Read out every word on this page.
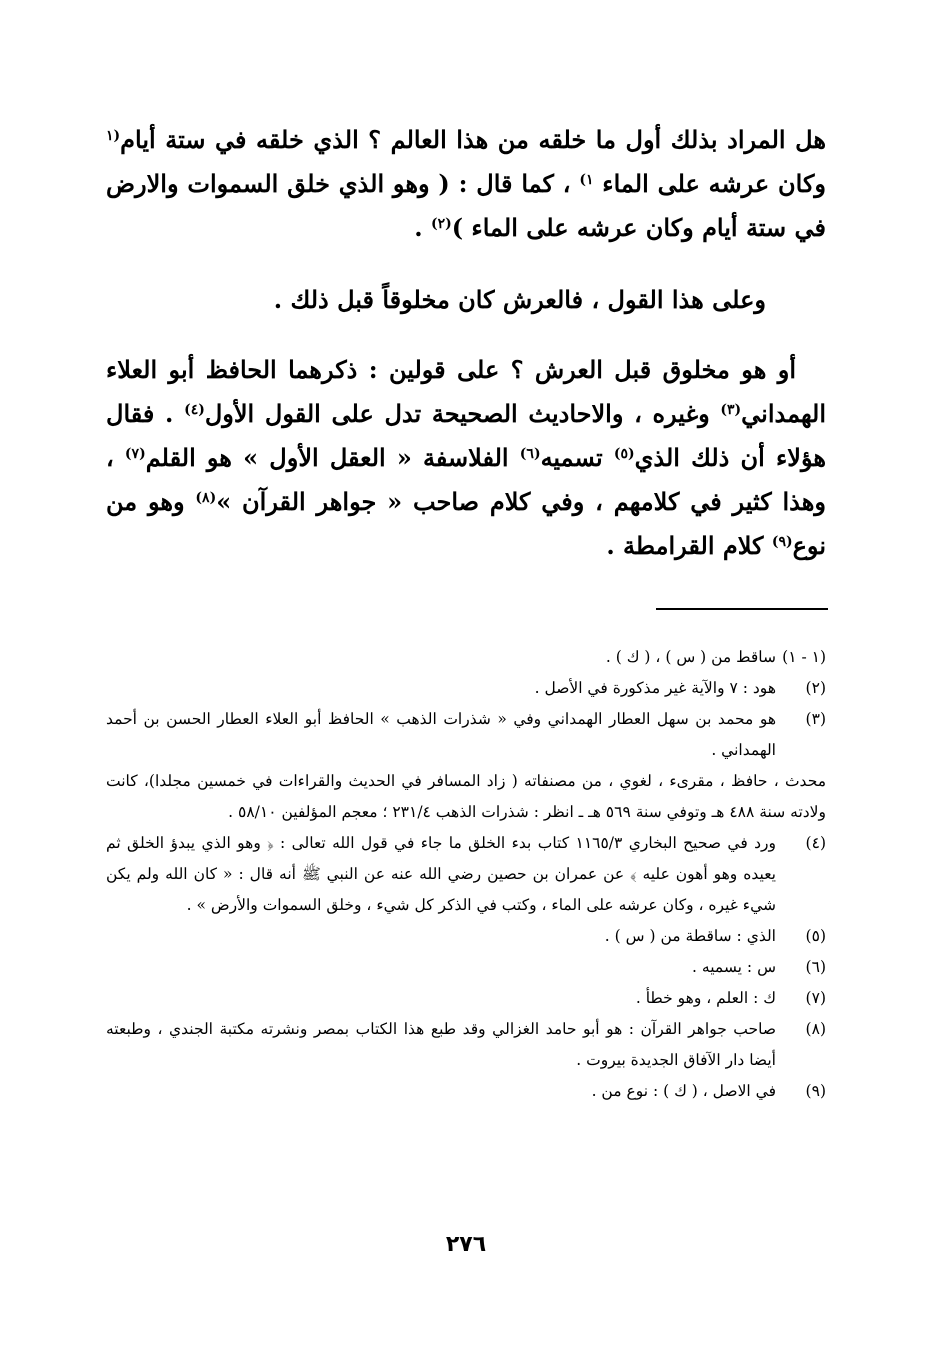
هل المراد بذلك أول ما خلقه من هذا العالم ؟ الذي خلقه في ستة أيام$^{(١}$ وكان عرشه على الماء $^{١)}$ ، كما قال : ( وهو الذي خلق السموات والارض في ستة أيام وكان عرشه على الماء )$^{(٢)}$ .

وعلى هذا القول ، فالعرش كان مخلوقاً قبل ذلك .

أو هو مخلوق قبل العرش ؟ على قولين : ذكرهما الحافظ أبو العلاء الهمداني$^{(٣)}$ وغيره ، والاحاديث الصحيحة تدل على القول الأول$^{(٤)}$ . فقال هؤلاء أن ذلك الذي$^{(٥)}$ تسميه$^{(٦)}$ الفلاسفة « العقل الأول » هو القلم$^{(٧)}$ ، وهذا كثير في كلامهم ، وفي كلام صاحب « جواهر القرآن »$^{(٨)}$ وهو من نوع$^{(٩)}$ كلام القرامطة .

(١ - ١)
ساقط من ( س ) ، ( ك ) .
(٢)
هود : ٧ والآية غير مذكورة في الأصل .
(٣)
هو محمد بن سهل العطار الهمداني وفي « شذرات الذهب » الحافظ أبو العلاء العطار الحسن بن أحمد الهمداني .
محدث ، حافظ ، مقرىء ، لغوي ، من مصنفاته ( زاد المسافر في الحديث والقراءات في خمسين مجلدا)، كانت ولادته سنة ٤٨٨ هـ وتوفي سنة ٥٦٩ هـ ـ انظر : شذرات الذهب ٢٣١/٤ ؛ معجم المؤلفين ٥٨/١٠ .
(٤)
ورد في صحيح البخاري ١١٦٥/٣ كتاب بدء الخلق ما جاء في قول الله تعالى : ﴿ وهو الذي يبدؤ الخلق ثم يعيده وهو أهون عليه ﴾ عن عمران بن حصين رضي الله عنه عن النبي ﷺ أنه قال : « كان الله ولم يكن شيء غيره ، وكان عرشه على الماء ، وكتب في الذكر كل شيء ، وخلق السموات والأرض » .
(٥)
الذي : ساقطة من ( س ) .
(٦)
س : يسميه .
(٧)
ك : العلم ، وهو خطأ .
(٨)
صاحب جواهر القرآن : هو أبو حامد الغزالي وقد طبع هذا الكتاب بمصر ونشرته مكتبة الجندي ، وطبعته أيضا دار الآفاق الجديدة بيروت .
(٩)
في الاصل ، ( ك ) : نوع من .
٢٧٦
